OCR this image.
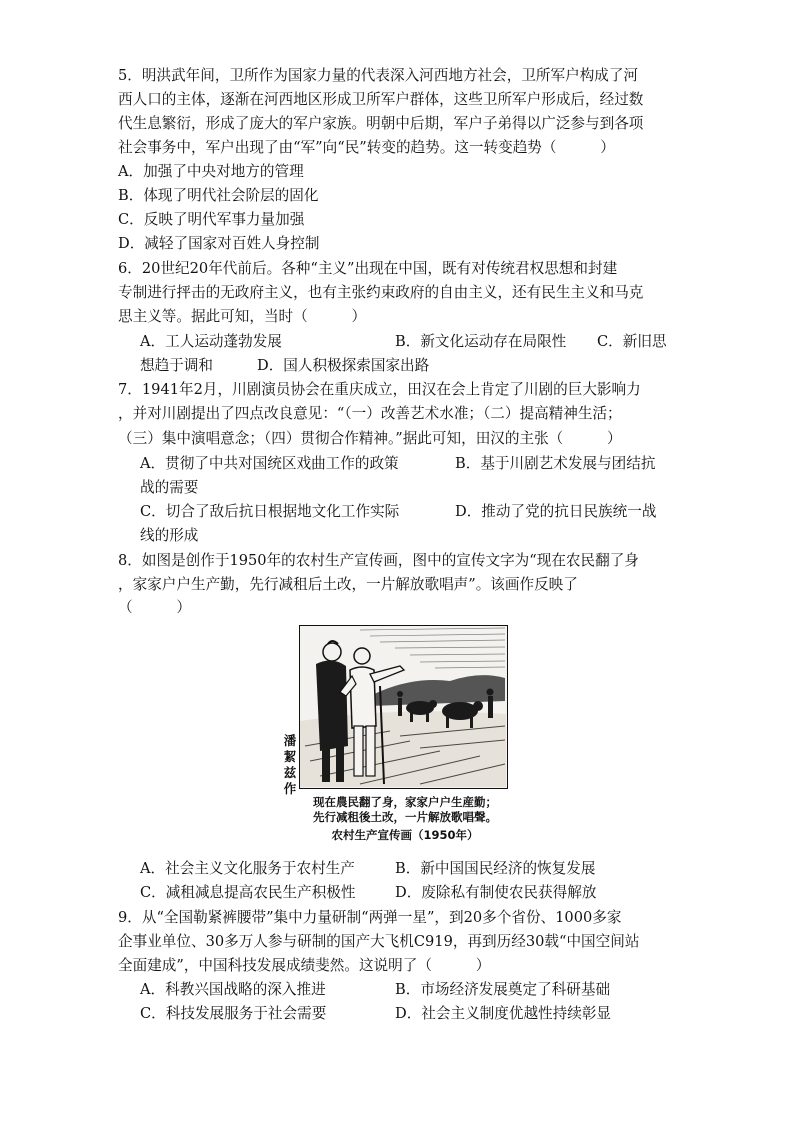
5．明洪武年间，卫所作为国家力量的代表深入河西地方社会，卫所军户构成了河
西人口的主体，逐渐在河西地区形成卫所军户群体，这些卫所军户形成后，经过数
代生息繁衍，形成了庞大的军户家族。明朝中后期，军户子弟得以广泛参与到各项
社会事务中，军户出现了由“军”向“民”转变的趋势。这一转变趋势（　　　）
A．加强了中央对地方的管理
B．体现了明代社会阶层的固化
C．反映了明代军事力量加强
D．减轻了国家对百姓人身控制
6．20世纪20年代前后。各种“主义”出现在中国，既有对传统君权思想和封建
专制进行抨击的无政府主义，也有主张约束政府的自由主义，还有民生主义和马克
思主义等。据此可知，当时（　　　）
A．工人运动蓬勃发展	B．新文化运动存在局限性 C．新旧思
想趋于调和	D．国人积极探索国家出路
7．1941年2月，川剧演员协会在重庆成立，田汉在会上肯定了川剧的巨大影响力
，并对川剧提出了四点改良意见：“（一）改善艺术水准；（二）提高精神生活；
（三）集中演唱意念；（四）贯彻合作精神。”据此可知，田汉的主张（　　　）
A．贯彻了中共对国统区戏曲工作的政策	B．基于川剧艺术发展与团结抗
战的需要
C．切合了敌后抗日根据地文化工作实际	D．推动了党的抗日民族统一战
线的形成
8．如图是创作于1950年的农村生产宣传画，图中的宣传文字为“现在农民翻了身
，家家户户生产勤，先行减租后土改，一片解放歌唱声”。该画作反映了
（　　　）
潘絜兹作
现在農民翻了身，家家户户生産勤；
先行减租後土改，一片解放歌唱聲。
农村生产宣传画（1950年）
A．社会主义文化服务于农村生产	B．新中国国民经济的恢复发展
C．减租减息提高农民生产积极性	D．废除私有制使农民获得解放
9．从“全国勒紧裤腰带”集中力量研制“两弹一星”，到20多个省份、1000多家
企事业单位、30多万人参与研制的国产大飞机C919，再到历经30载“中国空间站
全面建成”，中国科技发展成绩斐然。这说明了（　　　）
A．科教兴国战略的深入推进	B．市场经济发展奠定了科研基础
C．科技发展服务于社会需要	D．社会主义制度优越性持续彰显
